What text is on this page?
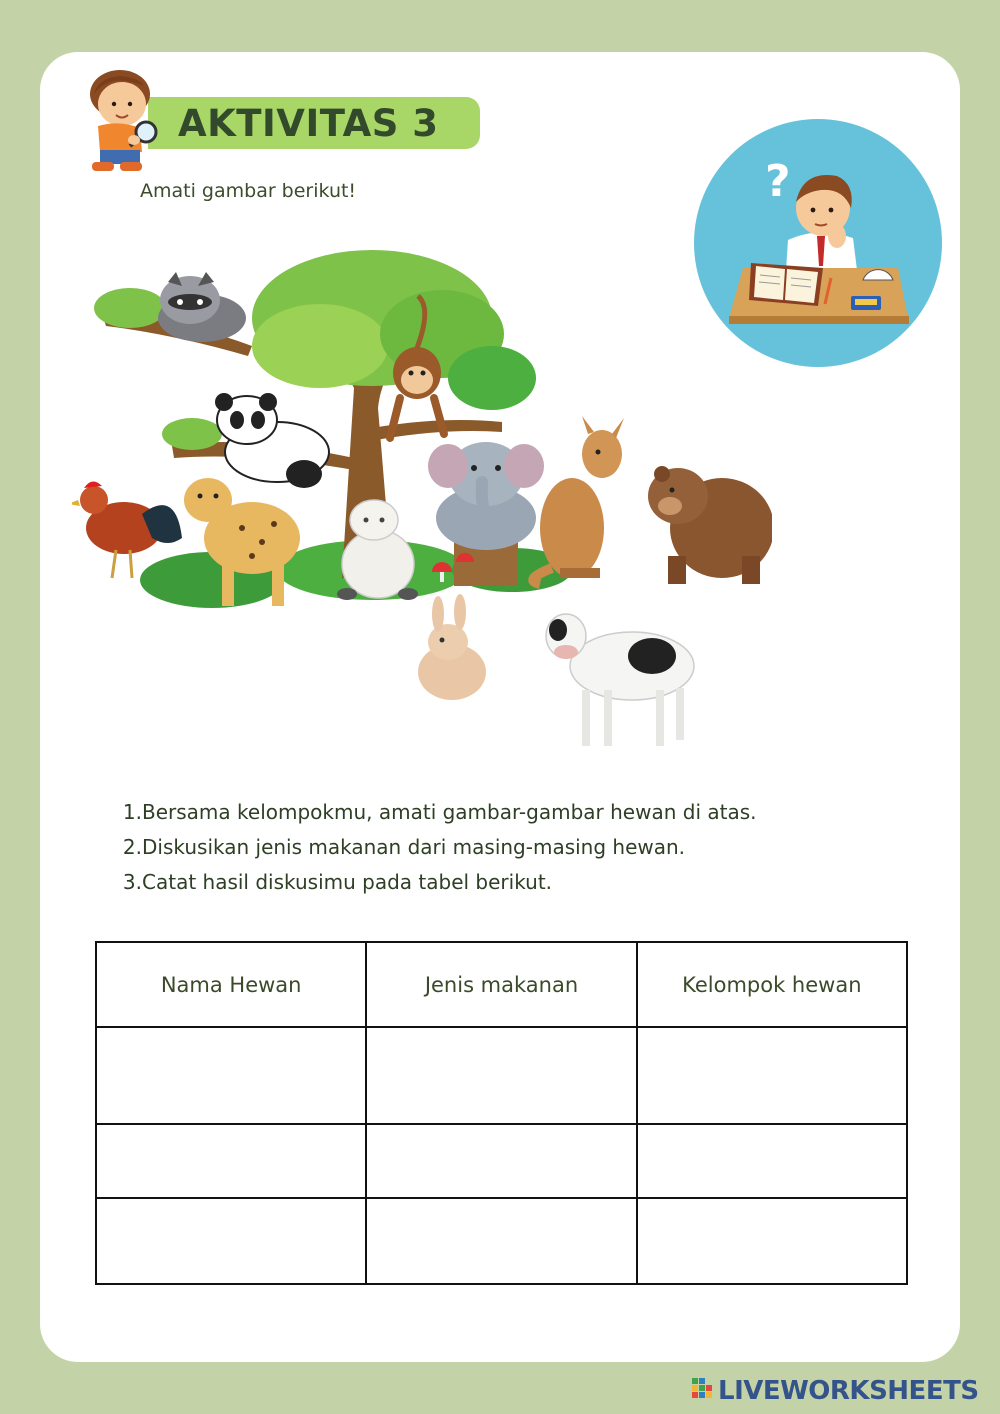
AKTIVITAS 3
Amati gambar berikut!	?
1.Bersama kelompokmu, amati gambar-gambar hewan di atas.
2.Diskusikan jenis makanan dari masing-masing hewan.
3.Catat hasil diskusimu pada tabel berikut.
Nama Hewan	Jenis makanan	Kelompok hewan

LIVEWORKSHEETS
